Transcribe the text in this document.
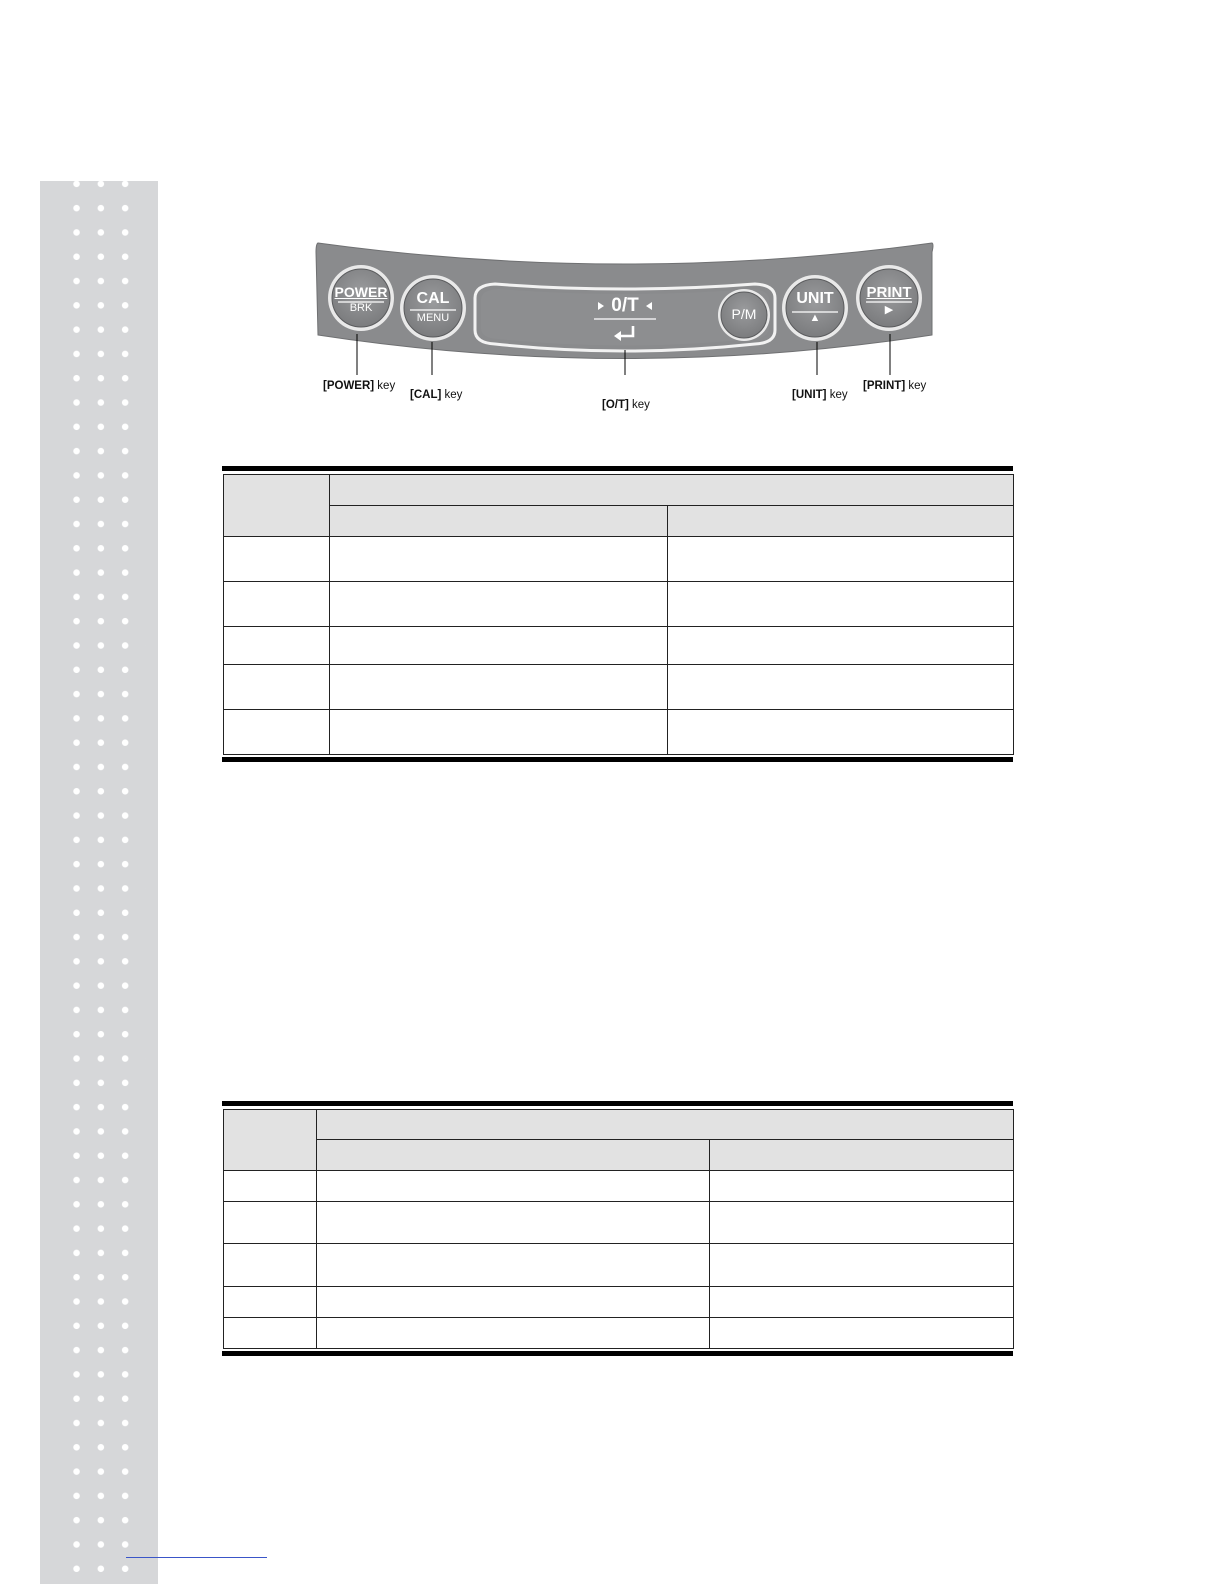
POWER
BRK
CAL
MENU
0/T	P/M
UNIT
▲
PRINT
▶
[POWER] key
[CAL] key
[O/T] key
[UNIT] key
[PRINT] key
